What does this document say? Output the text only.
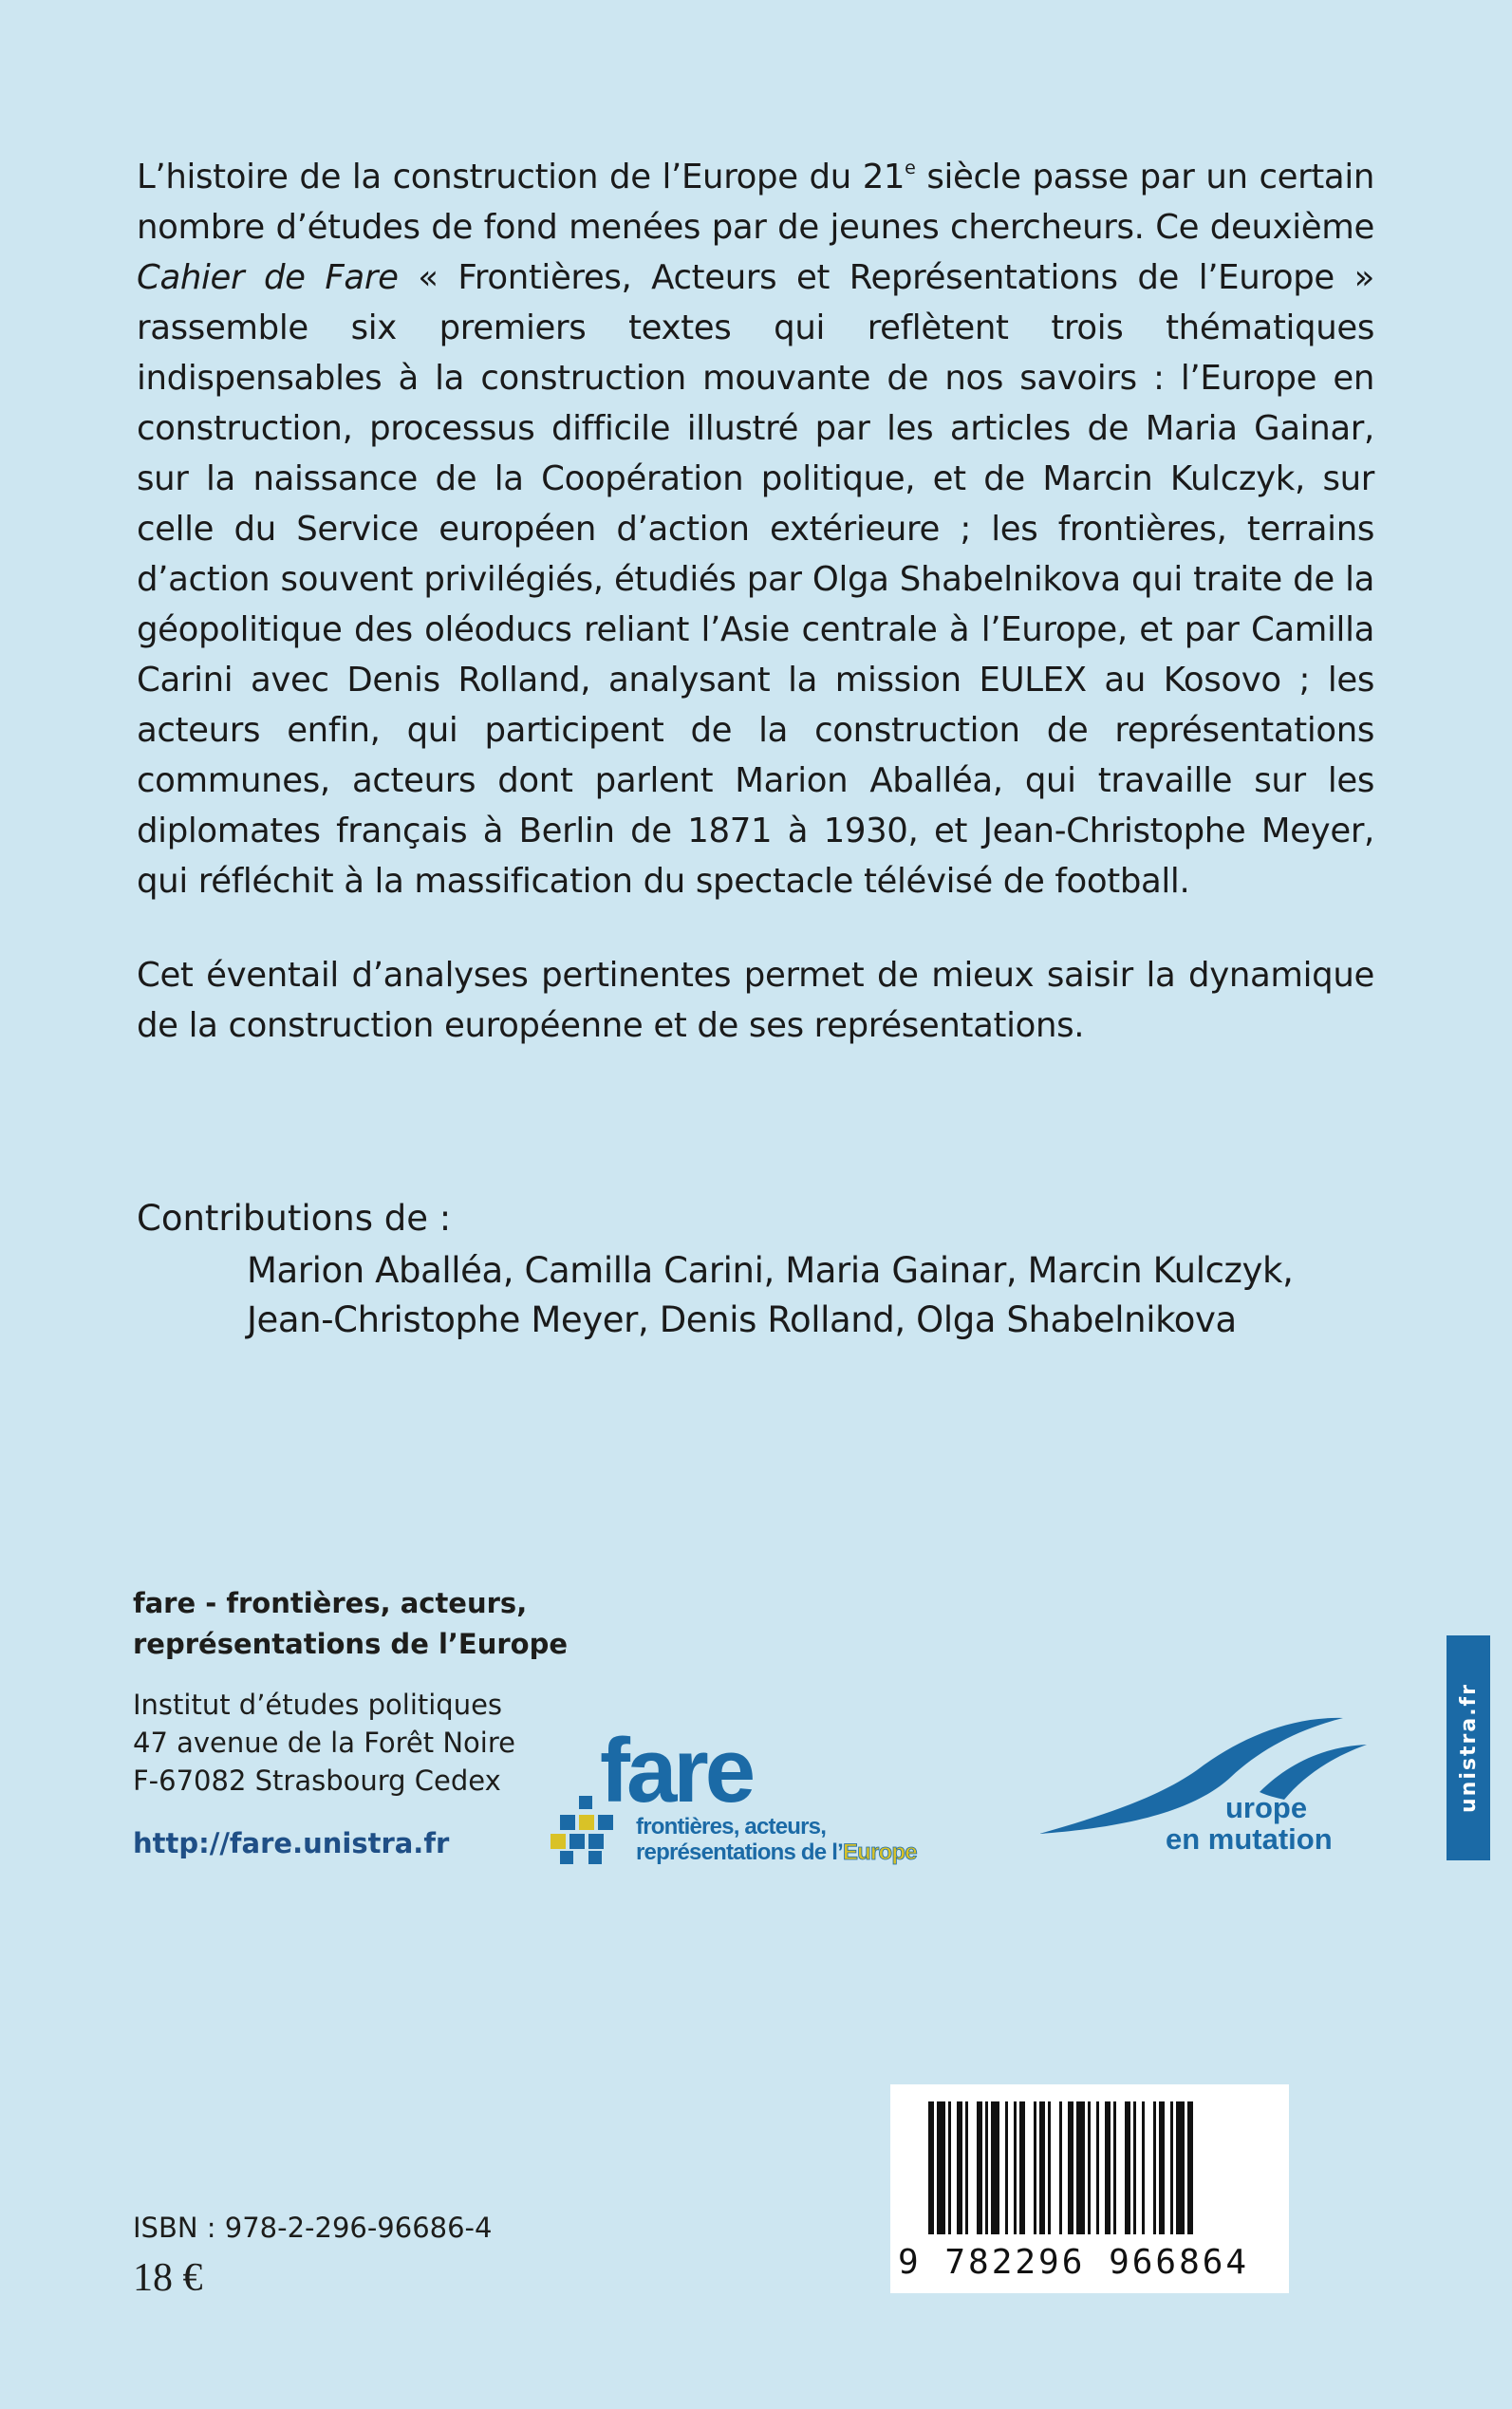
L’histoire de la construction de l’Europe du 21e siècle passe par un certain nombre d’études de fond menées par de jeunes chercheurs. Ce deuxième Cahier de Fare « Frontières, Acteurs et Représentations de l’Europe » rassemble six premiers textes qui reflètent trois thématiques indispensables à la construction mouvante de nos savoirs : l’Europe en construction, processus difficile illustré par les articles de Maria Gainar, sur la naissance de la Coopération politique, et de Marcin Kulczyk, sur celle du Service européen d’action extérieure ; les frontières, terrains d’action souvent privilégiés, étudiés par Olga Shabelnikova qui traite de la géopolitique des oléoducs reliant l’Asie centrale à l’Europe, et par Camilla Carini avec Denis Rolland, analysant la mission EULEX au Kosovo ; les acteurs enfin, qui participent de la construction de représentations communes, acteurs dont parlent Marion Aballéa, qui travaille sur les diplomates français à Berlin de 1871 à 1930, et Jean-Christophe Meyer, qui réfléchit à la massification du spectacle télévisé de football.

Cet éventail d’analyses pertinentes permet de mieux saisir la dynamique de la construction européenne et de ses représentations.

Contributions de :
Marion Aballéa, Camilla Carini, Maria Gainar, Marcin Kulczyk,
Jean-Christophe Meyer, Denis Rolland, Olga Shabelnikova
fare - frontières, acteurs,
représentations de l’Europe
Institut d’études politiques
47 avenue de la Forêt Noire
F-67082 Strasbourg Cedex
http://fare.unistra.fr
fare
frontières, acteurs,
représentations de l’Europe
urope
en mutation
unistra.fr
9 782296 966864
ISBN : 978-2-296-96686-4
18 €
